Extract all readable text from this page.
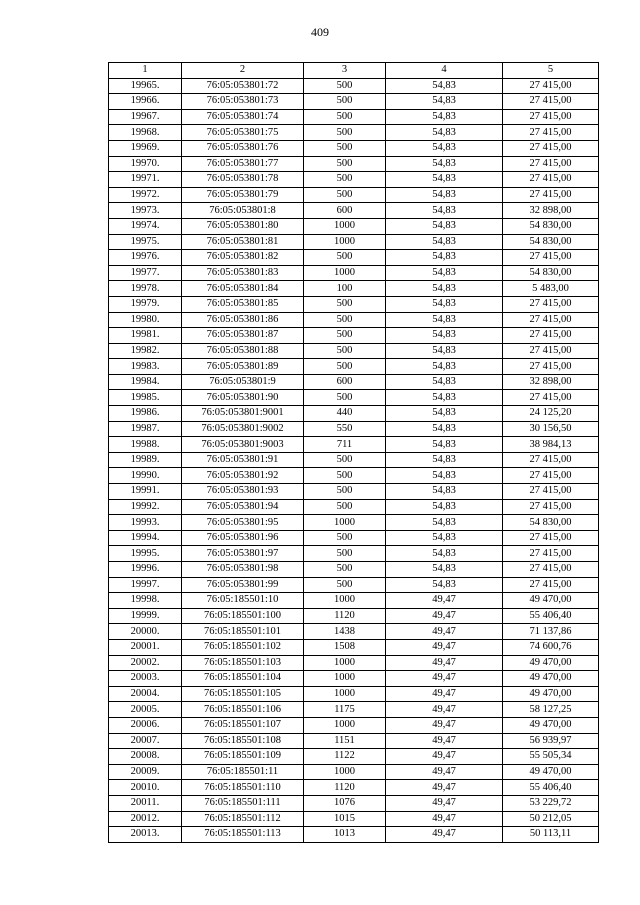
409
1	2	3	4	5
19965.	76:05:053801:72	500	54,83	27 415,00
19966.	76:05:053801:73	500	54,83	27 415,00
19967.	76:05:053801:74	500	54,83	27 415,00
19968.	76:05:053801:75	500	54,83	27 415,00
19969.	76:05:053801:76	500	54,83	27 415,00
19970.	76:05:053801:77	500	54,83	27 415,00
19971.	76:05:053801:78	500	54,83	27 415,00
19972.	76:05:053801:79	500	54,83	27 415,00
19973.	76:05:053801:8	600	54,83	32 898,00
19974.	76:05:053801:80	1000	54,83	54 830,00
19975.	76:05:053801:81	1000	54,83	54 830,00
19976.	76:05:053801:82	500	54,83	27 415,00
19977.	76:05:053801:83	1000	54,83	54 830,00
19978.	76:05:053801:84	100	54,83	5 483,00
19979.	76:05:053801:85	500	54,83	27 415,00
19980.	76:05:053801:86	500	54,83	27 415,00
19981.	76:05:053801:87	500	54,83	27 415,00
19982.	76:05:053801:88	500	54,83	27 415,00
19983.	76:05:053801:89	500	54,83	27 415,00
19984.	76:05:053801:9	600	54,83	32 898,00
19985.	76:05:053801:90	500	54,83	27 415,00
19986.	76:05:053801:9001	440	54,83	24 125,20
19987.	76:05:053801:9002	550	54,83	30 156,50
19988.	76:05:053801:9003	711	54,83	38 984,13
19989.	76:05:053801:91	500	54,83	27 415,00
19990.	76:05:053801:92	500	54,83	27 415,00
19991.	76:05:053801:93	500	54,83	27 415,00
19992.	76:05:053801:94	500	54,83	27 415,00
19993.	76:05:053801:95	1000	54,83	54 830,00
19994.	76:05:053801:96	500	54,83	27 415,00
19995.	76:05:053801:97	500	54,83	27 415,00
19996.	76:05:053801:98	500	54,83	27 415,00
19997.	76:05:053801:99	500	54,83	27 415,00
19998.	76:05:185501:10	1000	49,47	49 470,00
19999.	76:05:185501:100	1120	49,47	55 406,40
20000.	76:05:185501:101	1438	49,47	71 137,86
20001.	76:05:185501:102	1508	49,47	74 600,76
20002.	76:05:185501:103	1000	49,47	49 470,00
20003.	76:05:185501:104	1000	49,47	49 470,00
20004.	76:05:185501:105	1000	49,47	49 470,00
20005.	76:05:185501:106	1175	49,47	58 127,25
20006.	76:05:185501:107	1000	49,47	49 470,00
20007.	76:05:185501:108	1151	49,47	56 939,97
20008.	76:05:185501:109	1122	49,47	55 505,34
20009.	76:05:185501:11	1000	49,47	49 470,00
20010.	76:05:185501:110	1120	49,47	55 406,40
20011.	76:05:185501:111	1076	49,47	53 229,72
20012.	76:05:185501:112	1015	49,47	50 212,05
20013.	76:05:185501:113	1013	49,47	50 113,11
